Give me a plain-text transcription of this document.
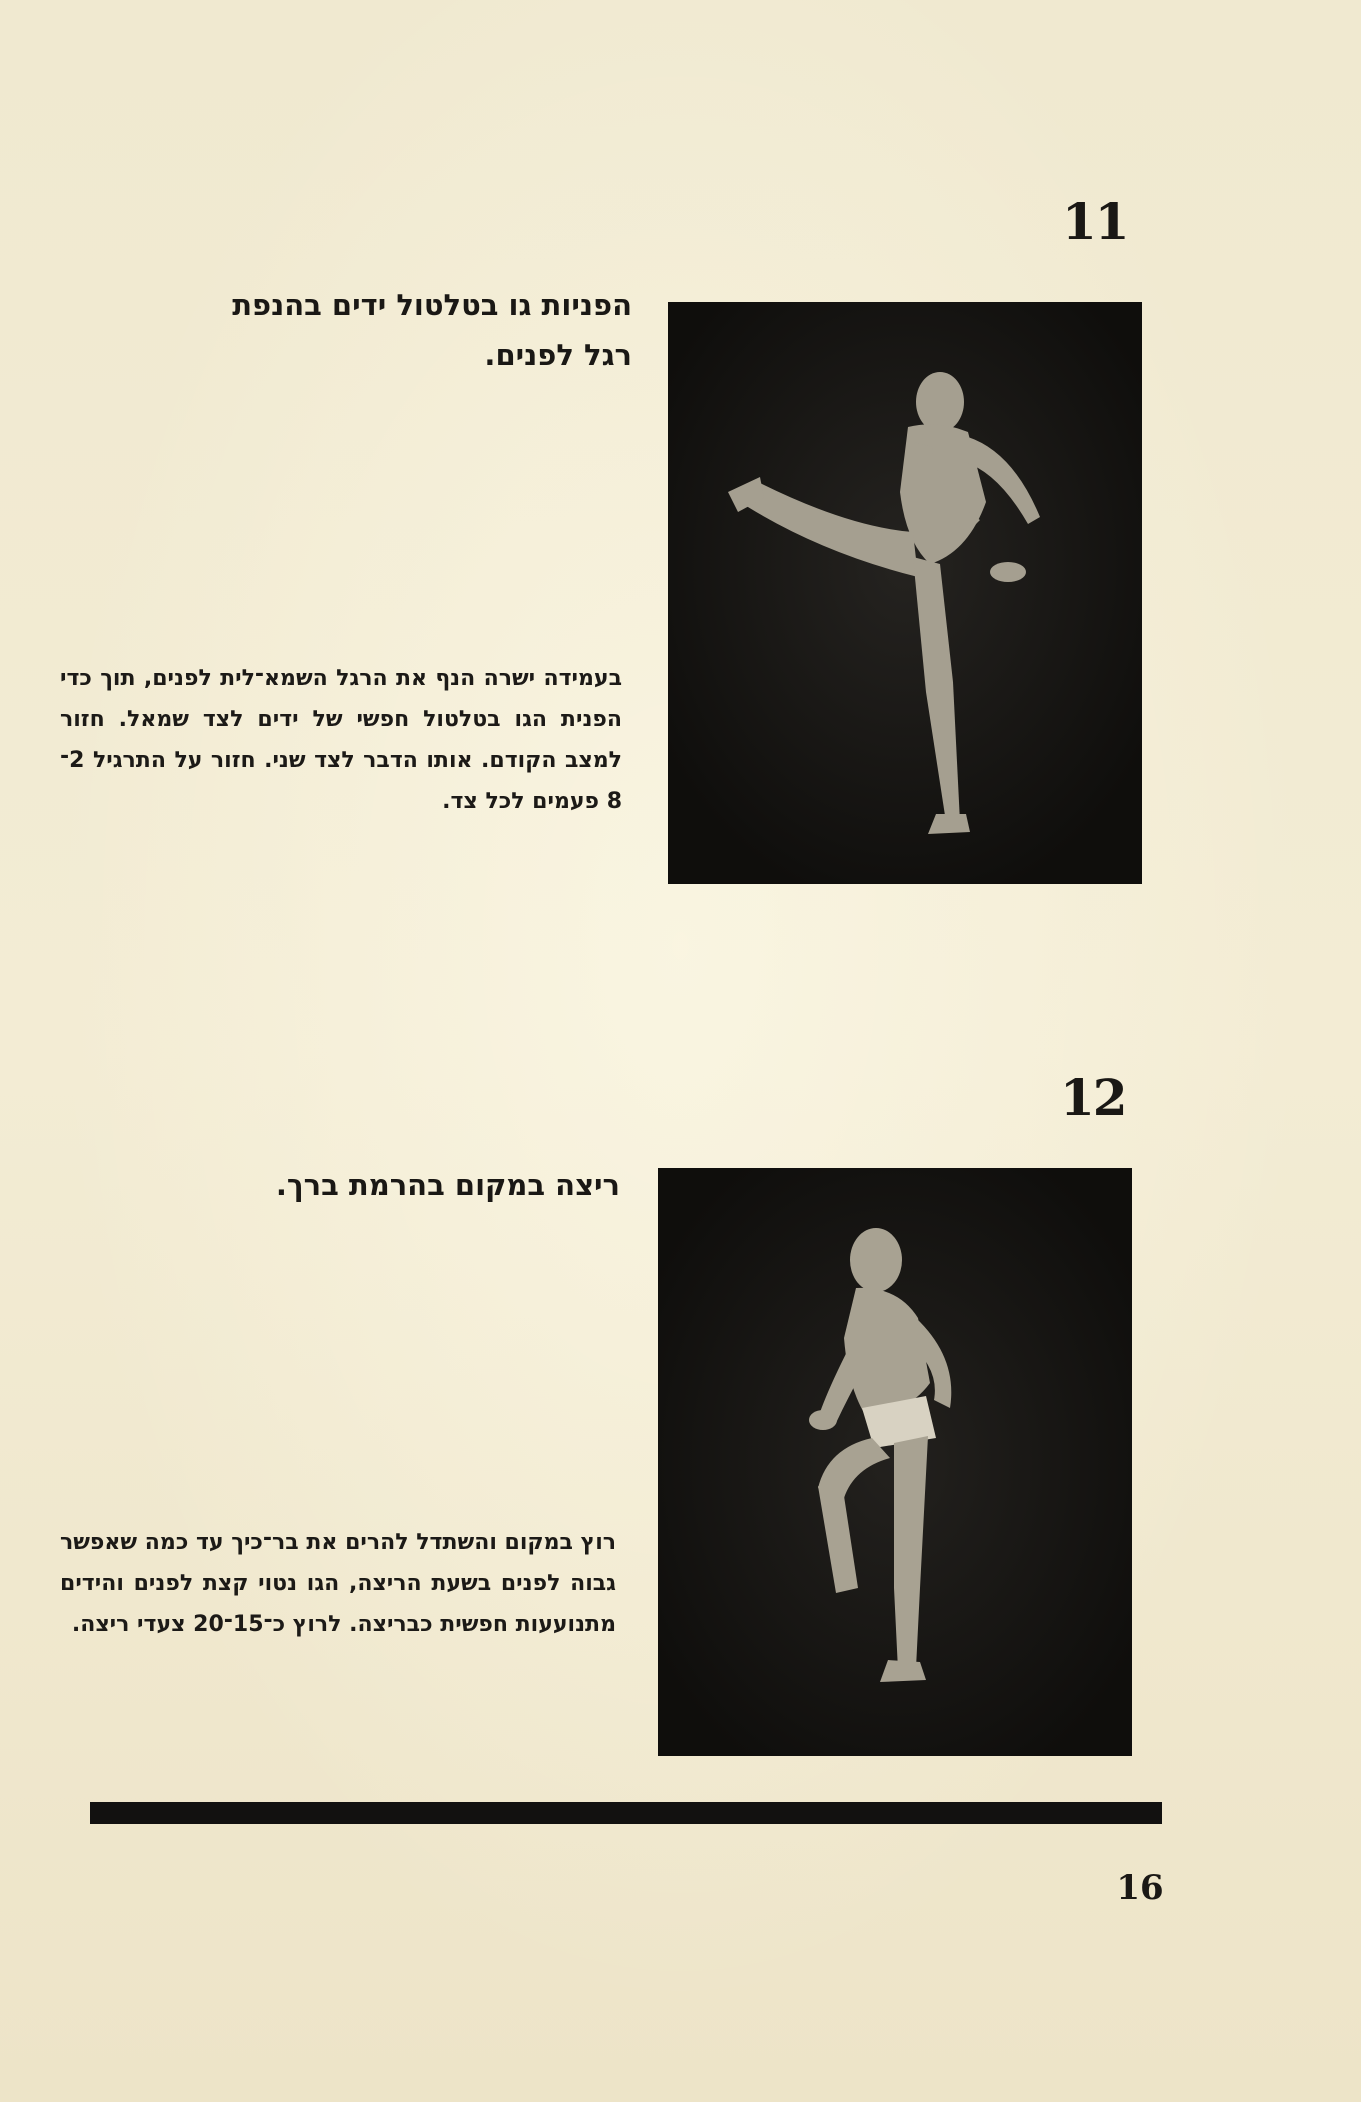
11
הפניות גו בטלטול ידים בהנפת
רגל לפנים.
בעמידה ישרה הנף את הרגל השמא־לית לפנים, תוך כדי הפנית הגו בטלטול חפשי של ידים לצד שמאל. חזור למצב הקודם. אותו הדבר לצד שני. חזור על התרגיל 2־8 פעמים לכל צד.
12
ריצה במקום בהרמת ברך.
רוץ במקום והשתדל להרים את בר־כיך עד כמה שאפשר גבוה לפנים בשעת הריצה, הגו נטוי קצת לפנים והידים מתנועעות חפשית כבריצה. לרוץ כ־15־20 צעדי ריצה.
16
